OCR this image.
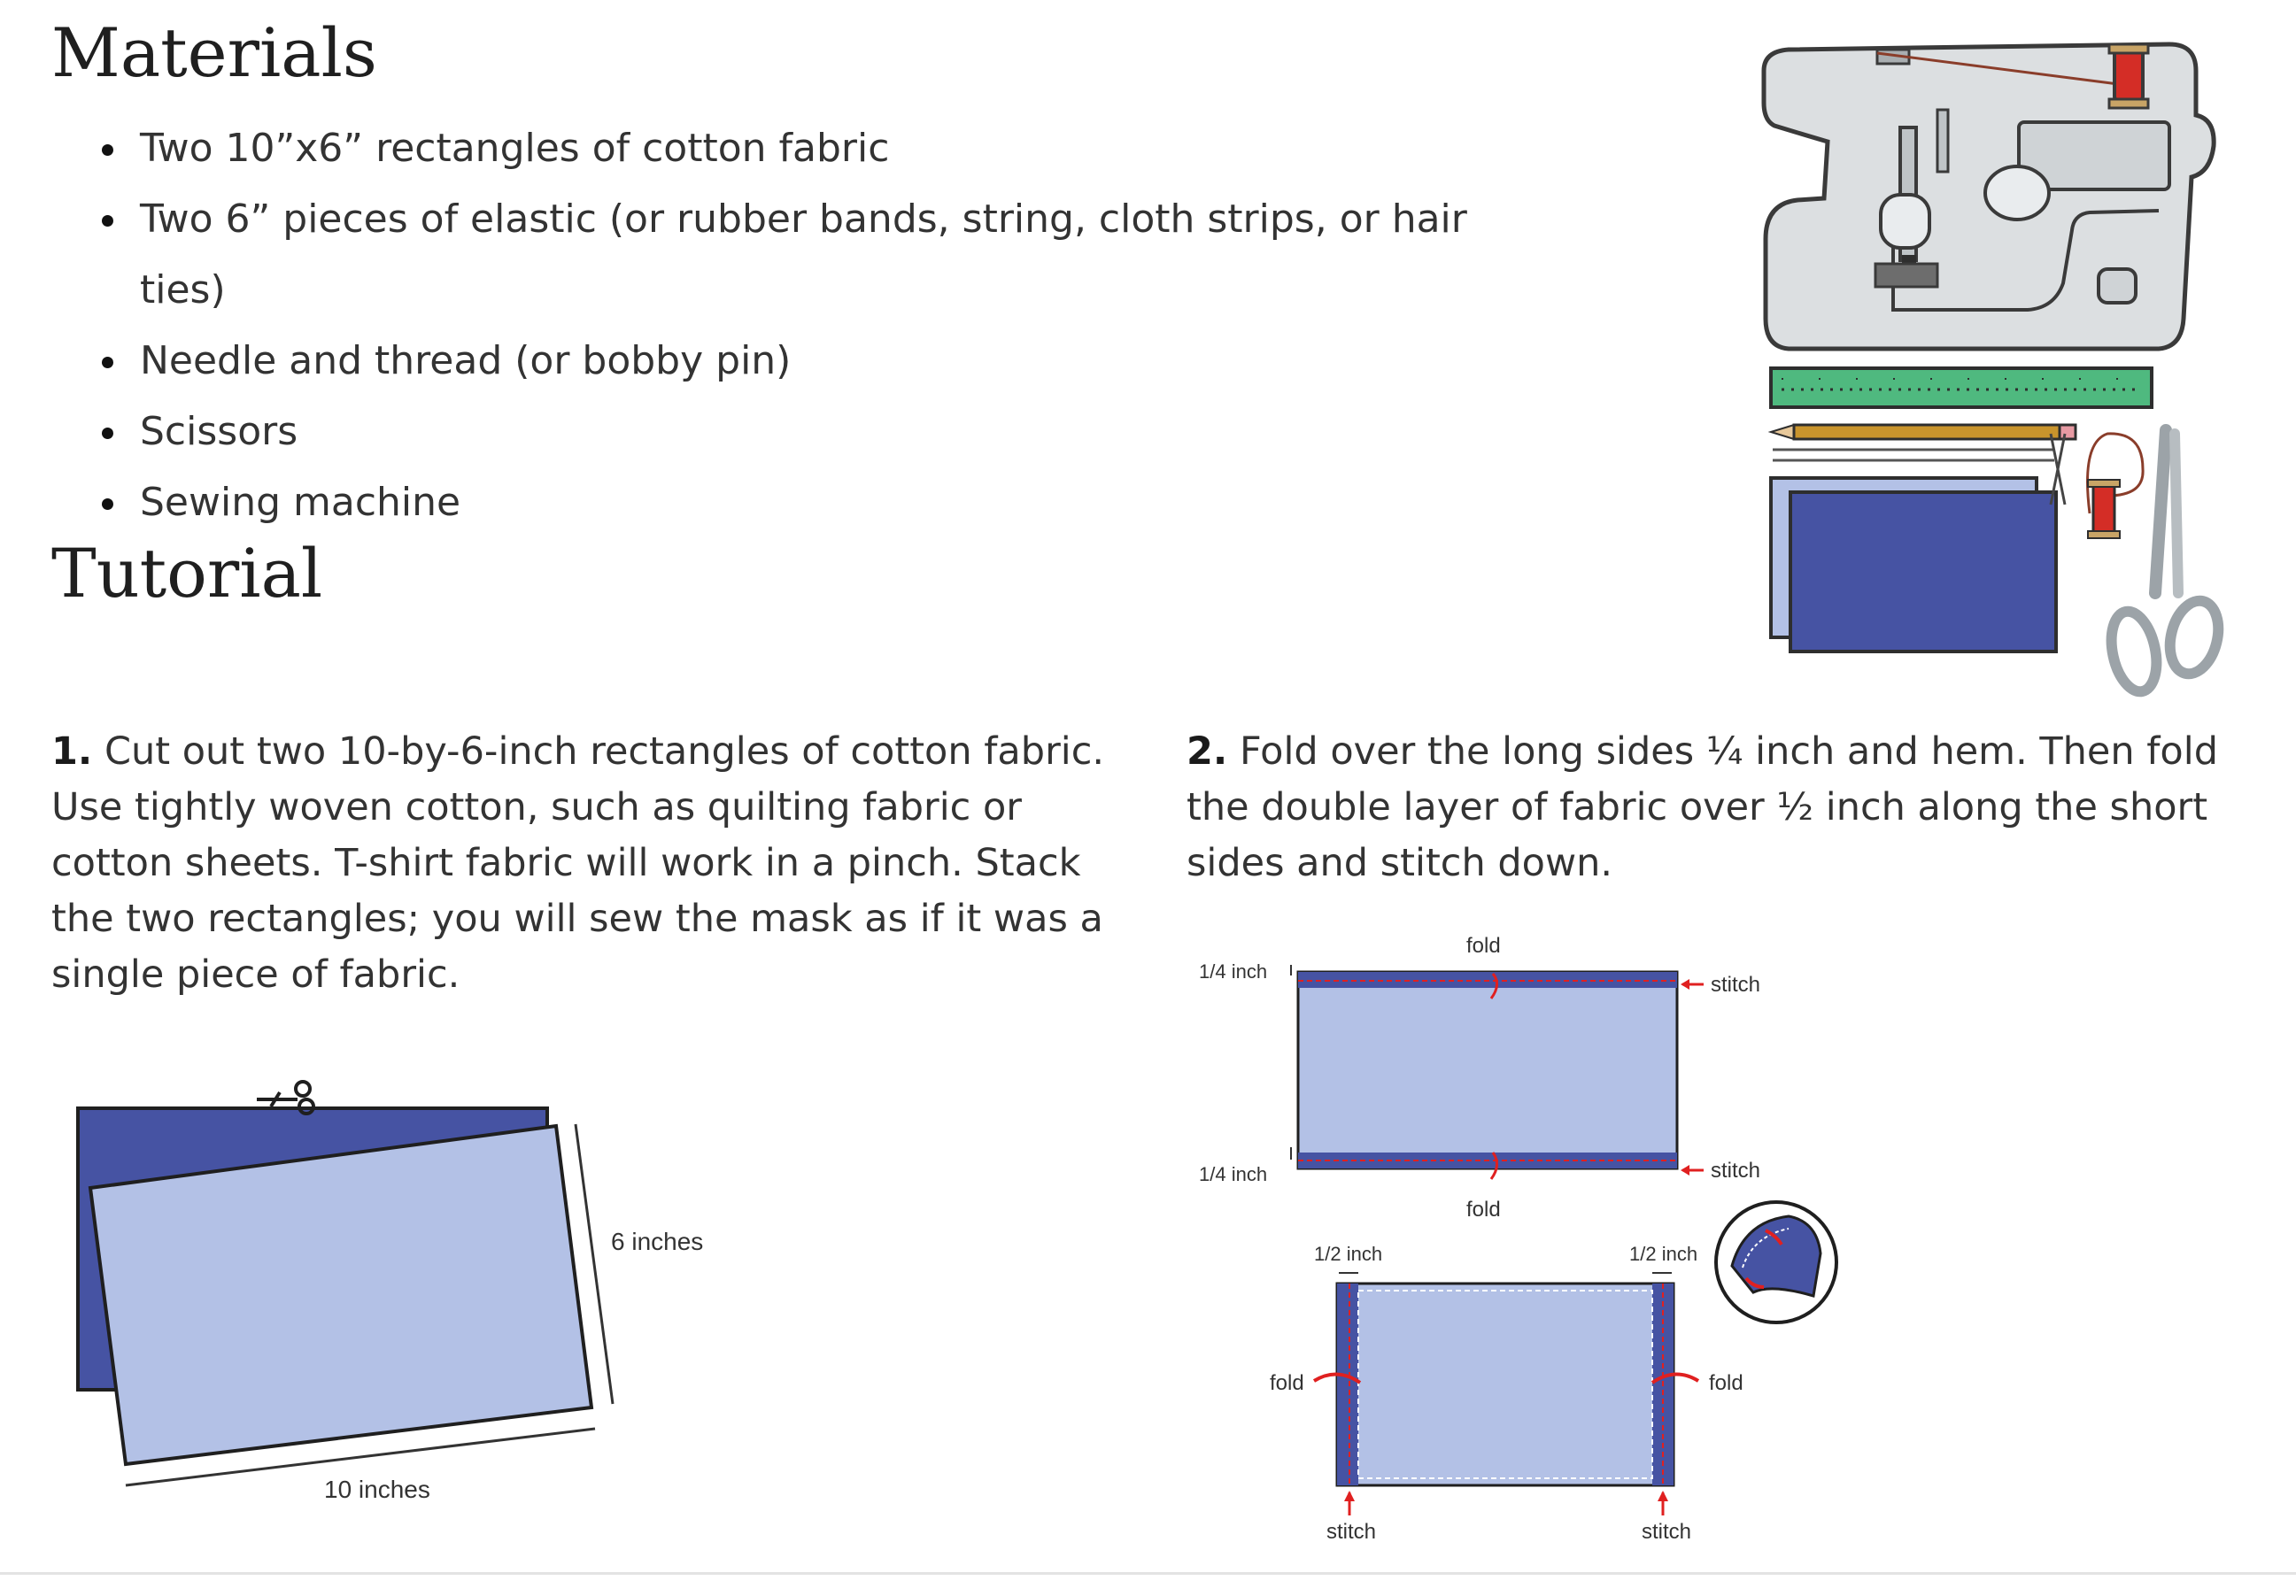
Materials
Two 10”x6” rectangles of cotton fabric
Two 6” pieces of elastic (or rubber bands, string, cloth strips, or hair ties)
Needle and thread (or bobby pin)
Scissors
Sewing machine
Tutorial
1. Cut out two 10-by-6-inch rectangles of cotton fabric. Use tightly woven cotton, such as quilting fabric or cotton sheets. T-shirt fabric will work in a pinch. Stack the two rectangles; you will sew the mask as if it was a single piece of fabric.
2. Fold over the long sides ¼ inch and hem. Then fold the double layer of fabric over ½ inch along the short sides and stitch down.
6 inches
10 inches
fold
fold
1/4 inch
1/4 inch
stitch
stitch
1/2 inch	1/2 inch
fold	fold
stitch	stitch
